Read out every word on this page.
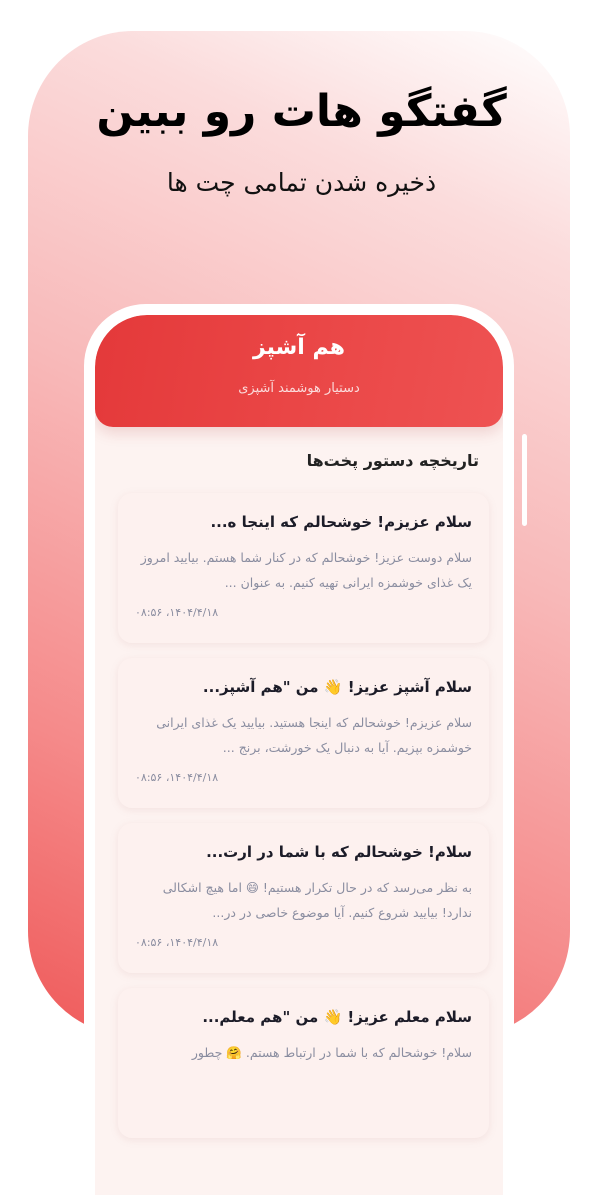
گفتگو هات رو ببین
ذخیره شدن تمامی چت ها
هم آشپز
دستیار هوشمند آشپزی
تاریخچه دستور پخت‌ها
سلام عزیزم! خوشحالم که اینجا ه...
سلام دوست عزیز! خوشحالم که در کنار شما هستم. بیایید امروز یک غذای خوشمزه ایرانی تهیه کنیم. به عنوان ...
۱۴۰۴/۴/۱۸، ۰۸:۵۶
سلام آشپز عزیز! 👋 من "هم آشپز...
سلام عزیزم! خوشحالم که اینجا هستید. بیایید یک غذای ایرانی خوشمزه بپزیم. آیا به دنبال یک خورشت، برنج ...
۱۴۰۴/۴/۱۸، ۰۸:۵۶
سلام! خوشحالم که با شما در ارت...
به نظر می‌رسد که در حال تکرار هستیم! 😄 اما هیچ اشکالی ندارد! بیایید شروع کنیم. آیا موضوع خاصی در در...
۱۴۰۴/۴/۱۸، ۰۸:۵۶
سلام معلم عزیز! 👋 من "هم معلم...
سلام! خوشحالم که با شما در ارتباط هستم. 🤗 چطور
